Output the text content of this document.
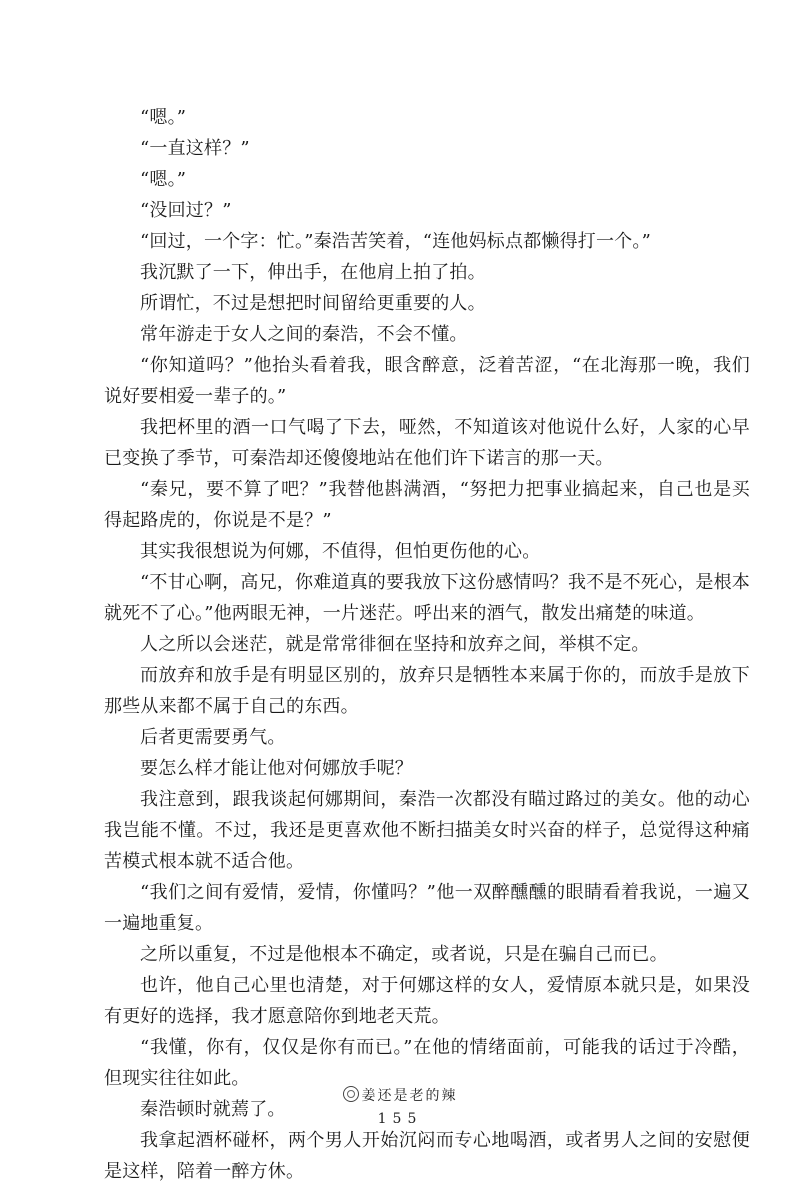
“嗯。”

“一直这样？”

“嗯。”

“没回过？”

“回过，一个字：忙。”秦浩苦笑着，“连他妈标点都懒得打一个。”

我沉默了一下，伸出手，在他肩上拍了拍。

所谓忙，不过是想把时间留给更重要的人。

常年游走于女人之间的秦浩，不会不懂。

“你知道吗？”他抬头看着我，眼含醉意，泛着苦涩，“在北海那一晚，我们说好要相爱一辈子的。”

我把杯里的酒一口气喝了下去，哑然，不知道该对他说什么好，人家的心早已变换了季节，可秦浩却还傻傻地站在他们许下诺言的那一天。

“秦兄，要不算了吧？”我替他斟满酒，“努把力把事业搞起来，自己也是买得起路虎的，你说是不是？”

其实我很想说为何娜，不值得，但怕更伤他的心。

“不甘心啊，高兄，你难道真的要我放下这份感情吗？我不是不死心，是根本就死不了心。”他两眼无神，一片迷茫。呼出来的酒气，散发出痛楚的味道。

人之所以会迷茫，就是常常徘徊在坚持和放弃之间，举棋不定。

而放弃和放手是有明显区别的，放弃只是牺牲本来属于你的，而放手是放下那些从来都不属于自己的东西。

后者更需要勇气。

要怎么样才能让他对何娜放手呢？

我注意到，跟我谈起何娜期间，秦浩一次都没有瞄过路过的美女。他的动心我岂能不懂。不过，我还是更喜欢他不断扫描美女时兴奋的样子，总觉得这种痛苦模式根本就不适合他。

“我们之间有爱情，爱情，你懂吗？”他一双醉醺醺的眼睛看着我说，一遍又一遍地重复。

之所以重复，不过是他根本不确定，或者说，只是在骗自己而已。

也许，他自己心里也清楚，对于何娜这样的女人，爱情原本就只是，如果没有更好的选择，我才愿意陪你到地老天荒。

“我懂，你有，仅仅是你有而已。”在他的情绪面前，可能我的话过于冷酷，但现实往往如此。

秦浩顿时就蔫了。

我拿起酒杯碰杯，两个男人开始沉闷而专心地喝酒，或者男人之间的安慰便是这样，陪着一醉方休。

姜还是老的辣
155
